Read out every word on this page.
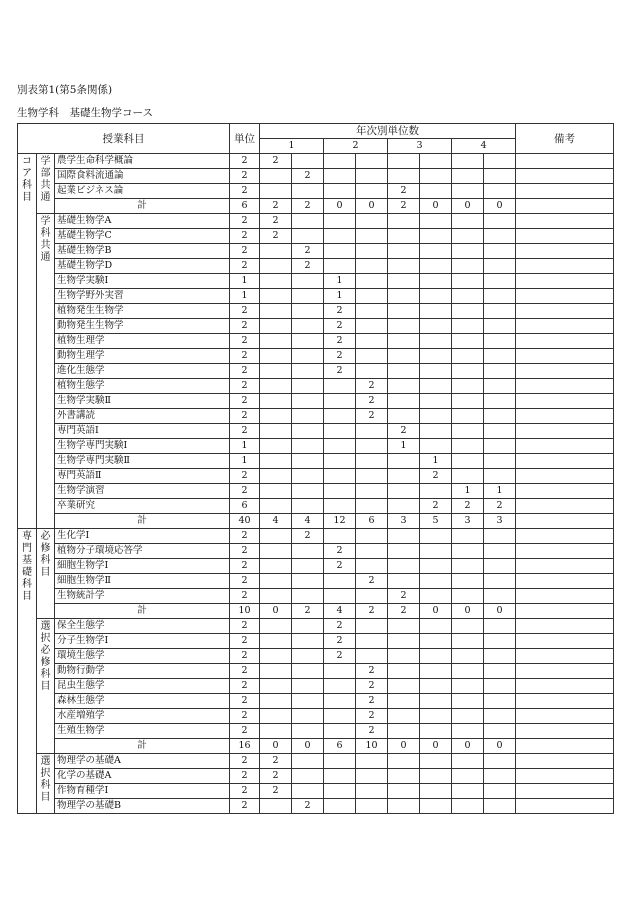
別表第1(第5条関係)
生物学科　基礎生物学コース
授業科目			単位	年次別単位数								備考
				1		2		3		4		
コア科目	学部共通	農学生命科学概論	2	2								
		国際食料流通論	2		2							
		起業ビジネス論	2					2				
		計	6	2	2	0	0	2	0	0	0	
	学科共通	基礎生物学A	2	2								
		基礎生物学C	2	2								
		基礎生物学B	2		2							
		基礎生物学D	2		2							
		生物学実験Ⅰ	1			1						
		生物学野外実習	1			1						
		植物発生生物学	2			2						
		動物発生生物学	2			2						
		植物生理学	2			2						
		動物生理学	2			2						
		進化生態学	2			2						
		植物生態学	2				2					
		生物学実験Ⅱ	2				2					
		外書講読	2				2					
		専門英語Ⅰ	2					2				
		生物学専門実験Ⅰ	1					1				
		生物学専門実験Ⅱ	1						1			
		専門英語Ⅱ	2						2			
		生物学演習	2							1	1	
		卒業研究	6						2	2	2	
		計	40	4	4	12	6	3	5	3	3	
専門基礎科目	必修科目	生化学Ⅰ	2		2							
		植物分子環境応答学	2			2						
		細胞生物学Ⅰ	2			2						
		細胞生物学Ⅱ	2				2					
		生物統計学	2					2				
		計	10	0	2	4	2	2	0	0	0	
	選択必修科目	保全生態学	2			2						
		分子生物学Ⅰ	2			2						
		環境生態学	2			2						
		動物行動学	2				2					
		昆虫生態学	2				2					
		森林生態学	2				2					
		水産増殖学	2				2					
		生殖生物学	2				2					
		計	16	0	0	6	10	0	0	0	0	
	選択科目	物理学の基礎A	2	2								
		化学の基礎A	2	2								
		作物育種学Ⅰ	2	2								
		物理学の基礎B	2		2							
